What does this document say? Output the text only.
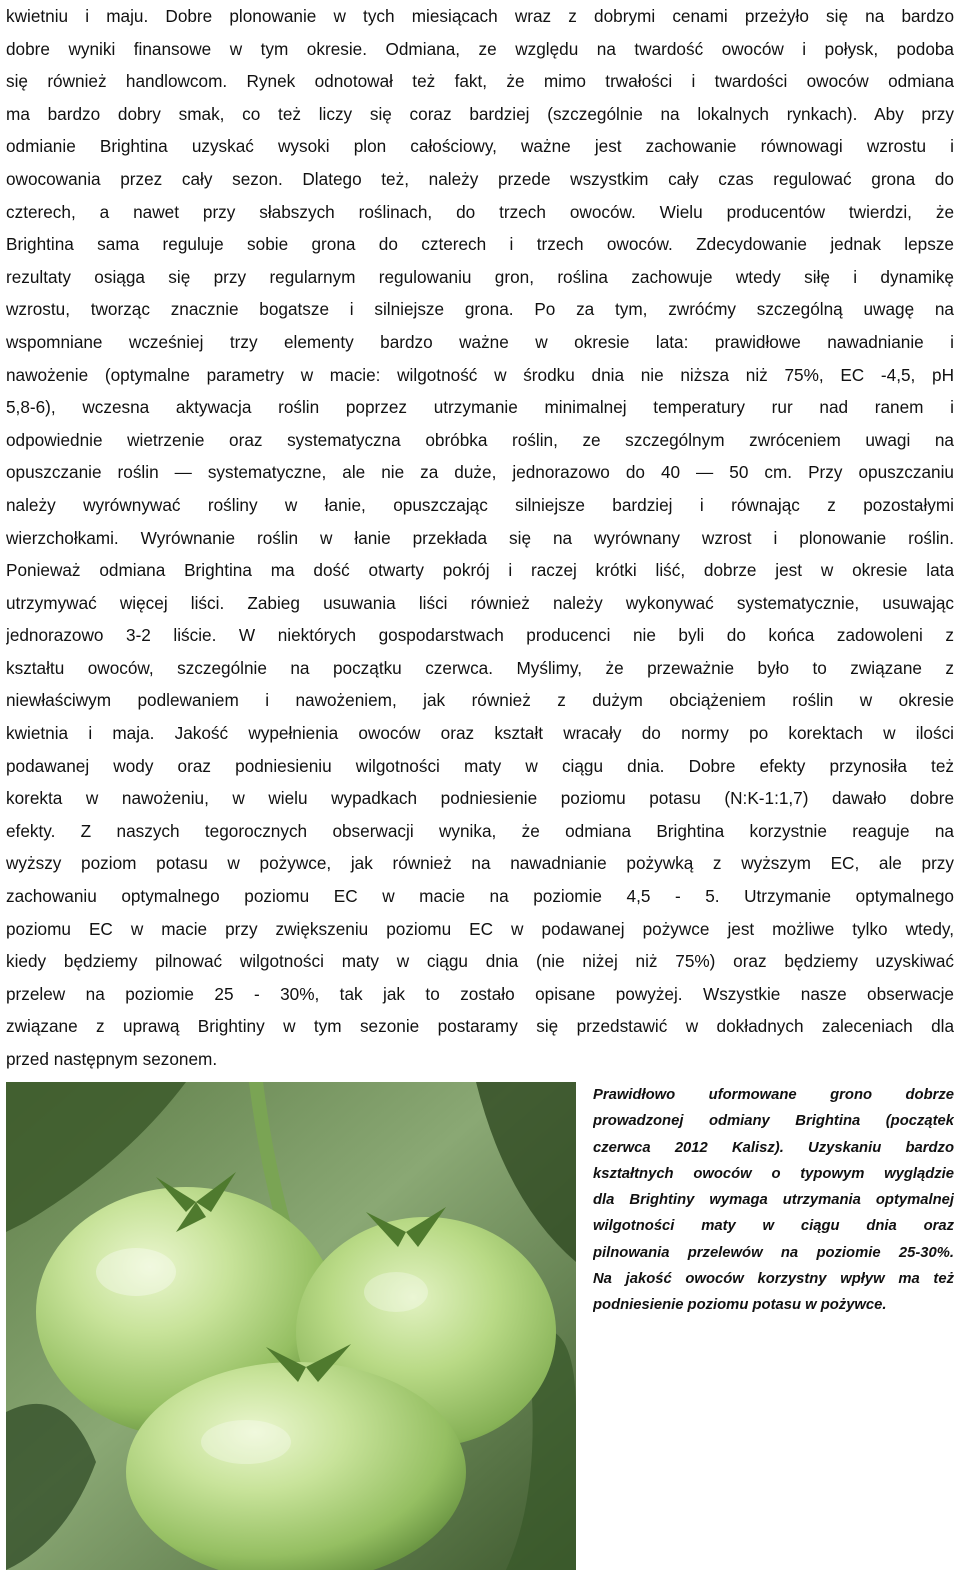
kwietniu i maju. Dobre plonowanie w tych miesiącach wraz z dobrymi cenami przeżyło się na bardzo
dobre wyniki finansowe w tym okresie. Odmiana, ze względu na twardość owoców i połysk, podoba
się również handlowcom. Rynek odnotował też fakt, że mimo trwałości i twardości owoców odmiana
ma bardzo dobry smak, co też liczy się coraz bardziej (szczególnie na lokalnych rynkach). Aby przy
odmianie Brightina uzyskać wysoki plon całościowy, ważne jest zachowanie równowagi wzrostu i
owocowania przez cały sezon. Dlatego też, należy przede wszystkim cały czas regulować grona do
czterech, a nawet przy słabszych roślinach, do trzech owoców. Wielu producentów twierdzi, że
Brightina sama reguluje sobie grona do czterech i trzech owoców. Zdecydowanie jednak lepsze
rezultaty osiąga się przy regularnym regulowaniu gron, roślina zachowuje wtedy siłę i dynamikę
wzrostu, tworząc znacznie bogatsze i silniejsze grona. Po za tym, zwróćmy szczególną uwagę na
wspomniane wcześniej trzy elementy bardzo ważne w okresie lata: prawidłowe nawadnianie i
nawożenie (optymalne parametry w macie: wilgotność w środku dnia nie niższa niż 75%, EC -4,5, pH
5,8-6), wczesna aktywacja roślin poprzez utrzymanie minimalnej temperatury rur nad ranem i
odpowiednie wietrzenie oraz systematyczna obróbka roślin, ze szczególnym zwróceniem uwagi na
opuszczanie roślin — systematyczne, ale nie za duże, jednorazowo do 40 — 50 cm. Przy opuszczaniu
należy wyrównywać rośliny w łanie, opuszczając silniejsze bardziej i równając z pozostałymi
wierzchołkami. Wyrównanie roślin w łanie przekłada się na wyrównany wzrost i plonowanie roślin.
Ponieważ odmiana Brightina ma dość otwarty pokrój i raczej krótki liść, dobrze jest w okresie lata
utrzymywać więcej liści. Zabieg usuwania liści również należy wykonywać systematycznie, usuwając
jednorazowo 3-2 liście. W niektórych gospodarstwach producenci nie byli do końca zadowoleni z
kształtu owoców, szczególnie na początku czerwca. Myślimy, że przeważnie było to związane z
niewłaściwym podlewaniem i nawożeniem, jak również z dużym obciążeniem roślin w okresie
kwietnia i maja. Jakość wypełnienia owoców oraz kształt wracały do normy po korektach w ilości
podawanej wody oraz podniesieniu wilgotności maty w ciągu dnia. Dobre efekty przynosiła też
korekta w nawożeniu, w wielu wypadkach podniesienie poziomu potasu (N:K-1:1,7) dawało dobre
efekty. Z naszych tegorocznych obserwacji wynika, że odmiana Brightina korzystnie reaguje na
wyższy poziom potasu w pożywce, jak również na nawadnianie pożywką z wyższym EC, ale przy
zachowaniu optymalnego poziomu EC w macie na poziomie 4,5 - 5. Utrzymanie optymalnego
poziomu EC w macie przy zwiększeniu poziomu EC w podawanej pożywce jest możliwe tylko wtedy,
kiedy będziemy pilnować wilgotności maty w ciągu dnia (nie niżej niż 75%) oraz będziemy uzyskiwać
przelew na poziomie 25 - 30%, tak jak to zostało opisane powyżej. Wszystkie nasze obserwacje
związane z uprawą Brightiny w tym sezonie postaramy się przedstawić w dokładnych zaleceniach dla
przed następnym sezonem.
Prawidłowo uformowane grono dobrze
prowadzonej odmiany Brightina (początek
czerwca 2012 Kalisz). Uzyskaniu bardzo
kształtnych owoców o typowym wyglądzie
dla Brightiny wymaga utrzymania optymalnej
wilgotności maty w ciągu dnia oraz
pilnowania przelewów na poziomie 25-30%.
Na jakość owoców korzystny wpływ ma też
podniesienie poziomu potasu w pożywce.
